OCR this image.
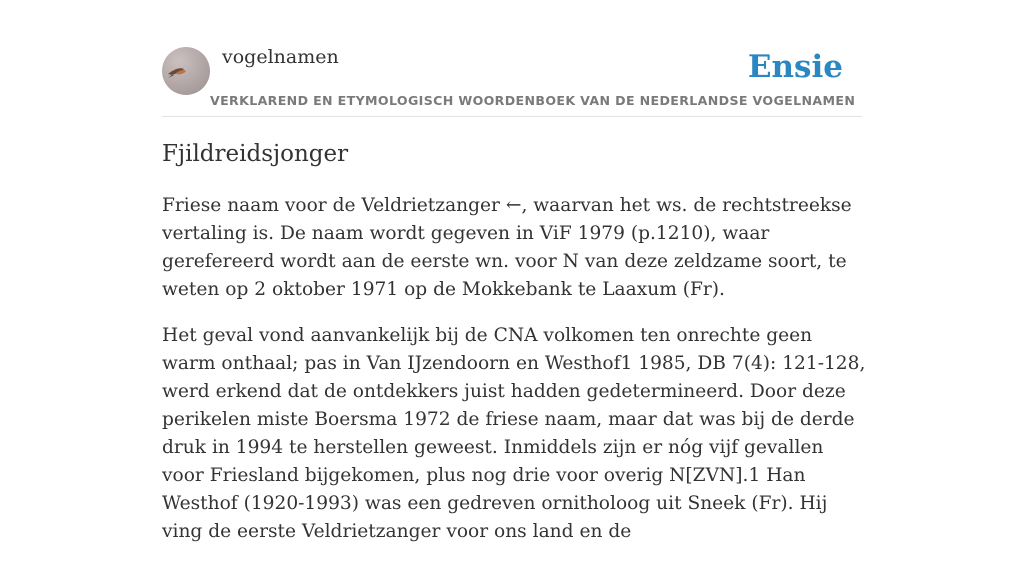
vogelnamen
VERKLAREND EN ETYMOLOGISCH WOORDENBOEK VAN DE NEDERLANDSE VOGELNAMEN
Ensie
Fjildreidsjonger

Friese naam voor de Veldrietzanger ←, waarvan het ws. de rechtstreekse vertaling is. De naam wordt gegeven in ViF 1979 (p.1210), waar gerefereerd wordt aan de eerste wn. voor N van deze zeldzame soort, te weten op 2 oktober 1971 op de Mokkebank te Laaxum (Fr).

Het geval vond aanvankelijk bij de CNA volkomen ten onrechte geen warm onthaal; pas in Van IJzendoorn en Westhof1 1985, DB 7(4): 121-128, werd erkend dat de ontdekkers juist hadden gedetermineerd. Door deze perikelen miste Boersma 1972 de friese naam, maar dat was bij de derde druk in 1994 te herstellen geweest. Inmiddels zijn er nóg vijf gevallen voor Friesland bijgekomen, plus nog drie voor overig N[ZVN].1 Han Westhof (1920-1993) was een gedreven ornitholoog uit Sneek (Fr). Hij ving de eerste Veldrietzanger voor ons land en de
